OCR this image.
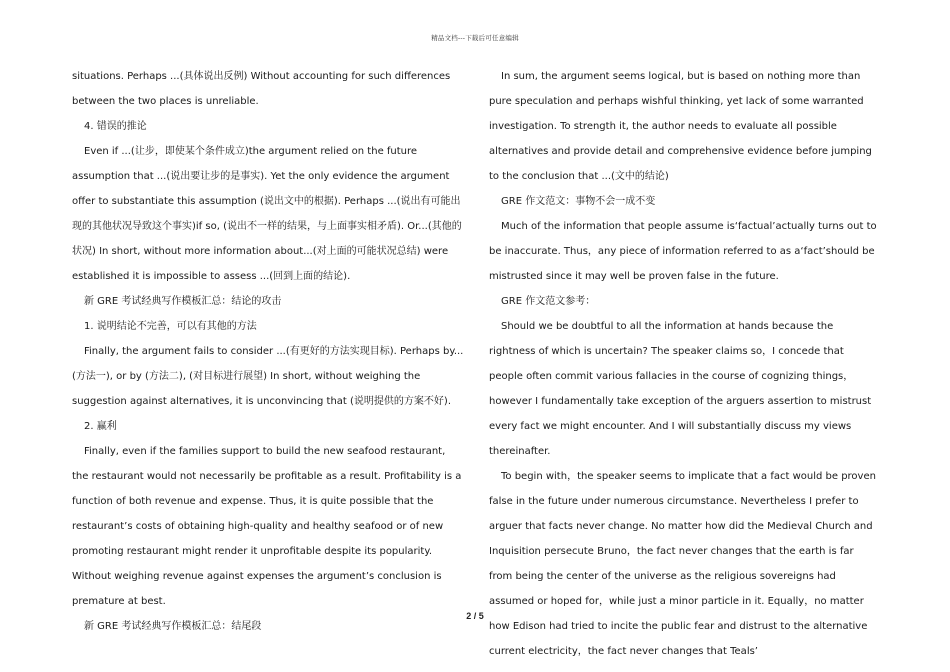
精品文档---下载后可任意编辑

situations. Perhaps ...(具体说出反例) Without accounting for such differences between the two places is unreliable.

4. 错误的推论

Even if ...(让步，即使某个条件成立)the argument relied on the future assumption that ...(说出要让步的是事实). Yet the only evidence the argument offer to substantiate this assumption (说出文中的根据). Perhaps ...(说出有可能出现的其他状况导致这个事实)if so, (说出不一样的结果，与上面事实相矛盾). Or...(其他的状况) In short, without more information about...(对上面的可能状况总结) were established it is impossible to assess ...(回到上面的结论).

新 GRE 考试经典写作模板汇总：结论的攻击

1. 说明结论不完善，可以有其他的方法

Finally, the argument fails to consider ...(有更好的方法实现目标). Perhaps by...(方法一), or by (方法二), (对目标进行展望) In short, without weighing the suggestion against alternatives, it is unconvincing that (说明提供的方案不好).

2. 赢利

Finally, even if the families support to build the new seafood restaurant, the restaurant would not necessarily be profitable as a result. Profitability is a function of both revenue and expense. Thus, it is quite possible that the restaurant’s costs of obtaining high-quality and healthy seafood or of new promoting restaurant might render it unprofitable despite its popularity. Without weighing revenue against expenses the argument’s conclusion is premature at best.

新 GRE 考试经典写作模板汇总：结尾段

In sum, the argument seems logical, but is based on nothing more than pure speculation and perhaps wishful thinking, yet lack of some warranted investigation. To strength it, the author needs to evaluate all possible alternatives and provide detail and comprehensive evidence before jumping to the conclusion that ...(文中的结论)

GRE 作文范文：事物不会一成不变

Much of the information that people assume is‘factual’actually turns out to be inaccurate. Thus，any piece of information referred to as a‘fact’should be mistrusted since it may well be proven false in the future.

GRE 作文范文参考：

Should we be doubtful to all the information at hands because the rightness of which is uncertain? The speaker claims so，I concede that people often commit various fallacies in the course of cognizing things，however I fundamentally take exception of the arguers assertion to mistrust every fact we might encounter. And I will substantially discuss my views thereinafter.

To begin with，the speaker seems to implicate that a fact would be proven false in the future under numerous circumstance. Nevertheless I prefer to arguer that facts never change. No matter how did the Medieval Church and Inquisition persecute Bruno，the fact never changes that the earth is far from being the center of the universe as the religious sovereigns had assumed or hoped for，while just a minor particle in it. Equally，no matter how Edison had tried to incite the public fear and distrust to the alternative current electricity，the fact never changes that Teals’

2 / 5
